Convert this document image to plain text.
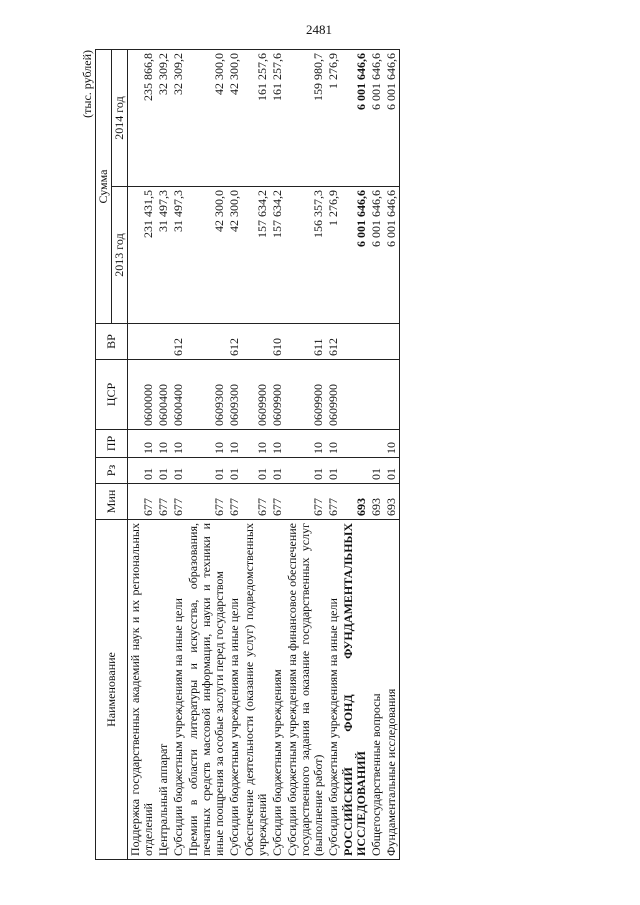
2481
(тыс. рублей)
Наименование	Мин	Рз	ПР	ЦСР	ВР	Сумма	
						2013 год	2014 год
Поддержка государственных академий наук и их региональных отделений	677	01	10	0600000		231 431,5	235 866,8
Центральный аппарат	677	01	10	0600400		31 497,3	32 309,2
Субсидии бюджетным учреждениям на иные цели	677	01	10	0600400	612	31 497,3	32 309,2
Премии в области литературы и искусства, образования, печатных средств массовой информации, науки и техники и иные поощрения за особые заслуги перед государством	677	01	10	0609300		42 300,0	42 300,0
Субсидии бюджетным учреждениям на иные цели	677	01	10	0609300	612	42 300,0	42 300,0
Обеспечение деятельности (оказание услуг) подведомственных учреждений	677	01	10	0609900		157 634,2	161 257,6
Субсидии бюджетным учреждениям	677	01	10	0609900	610	157 634,2	161 257,6
Субсидии бюджетным учреждениям на финансовое обеспечение государственного задания на оказание государственных услуг (выполнение работ)	677	01	10	0609900	611	156 357,3	159 980,7
Субсидии бюджетным учреждениям на иные цели	677	01	10	0609900	612	1 276,9	1 276,9
РОССИЙСКИЙ ФОНД ФУНДАМЕНТАЛЬНЫХ ИССЛЕДОВАНИЙ	693					6 001 646,6	6 001 646,6
Общегосударственные вопросы	693	01				6 001 646,6	6 001 646,6
Фундаментальные исследования	693	01	10			6 001 646,6	6 001 646,6
